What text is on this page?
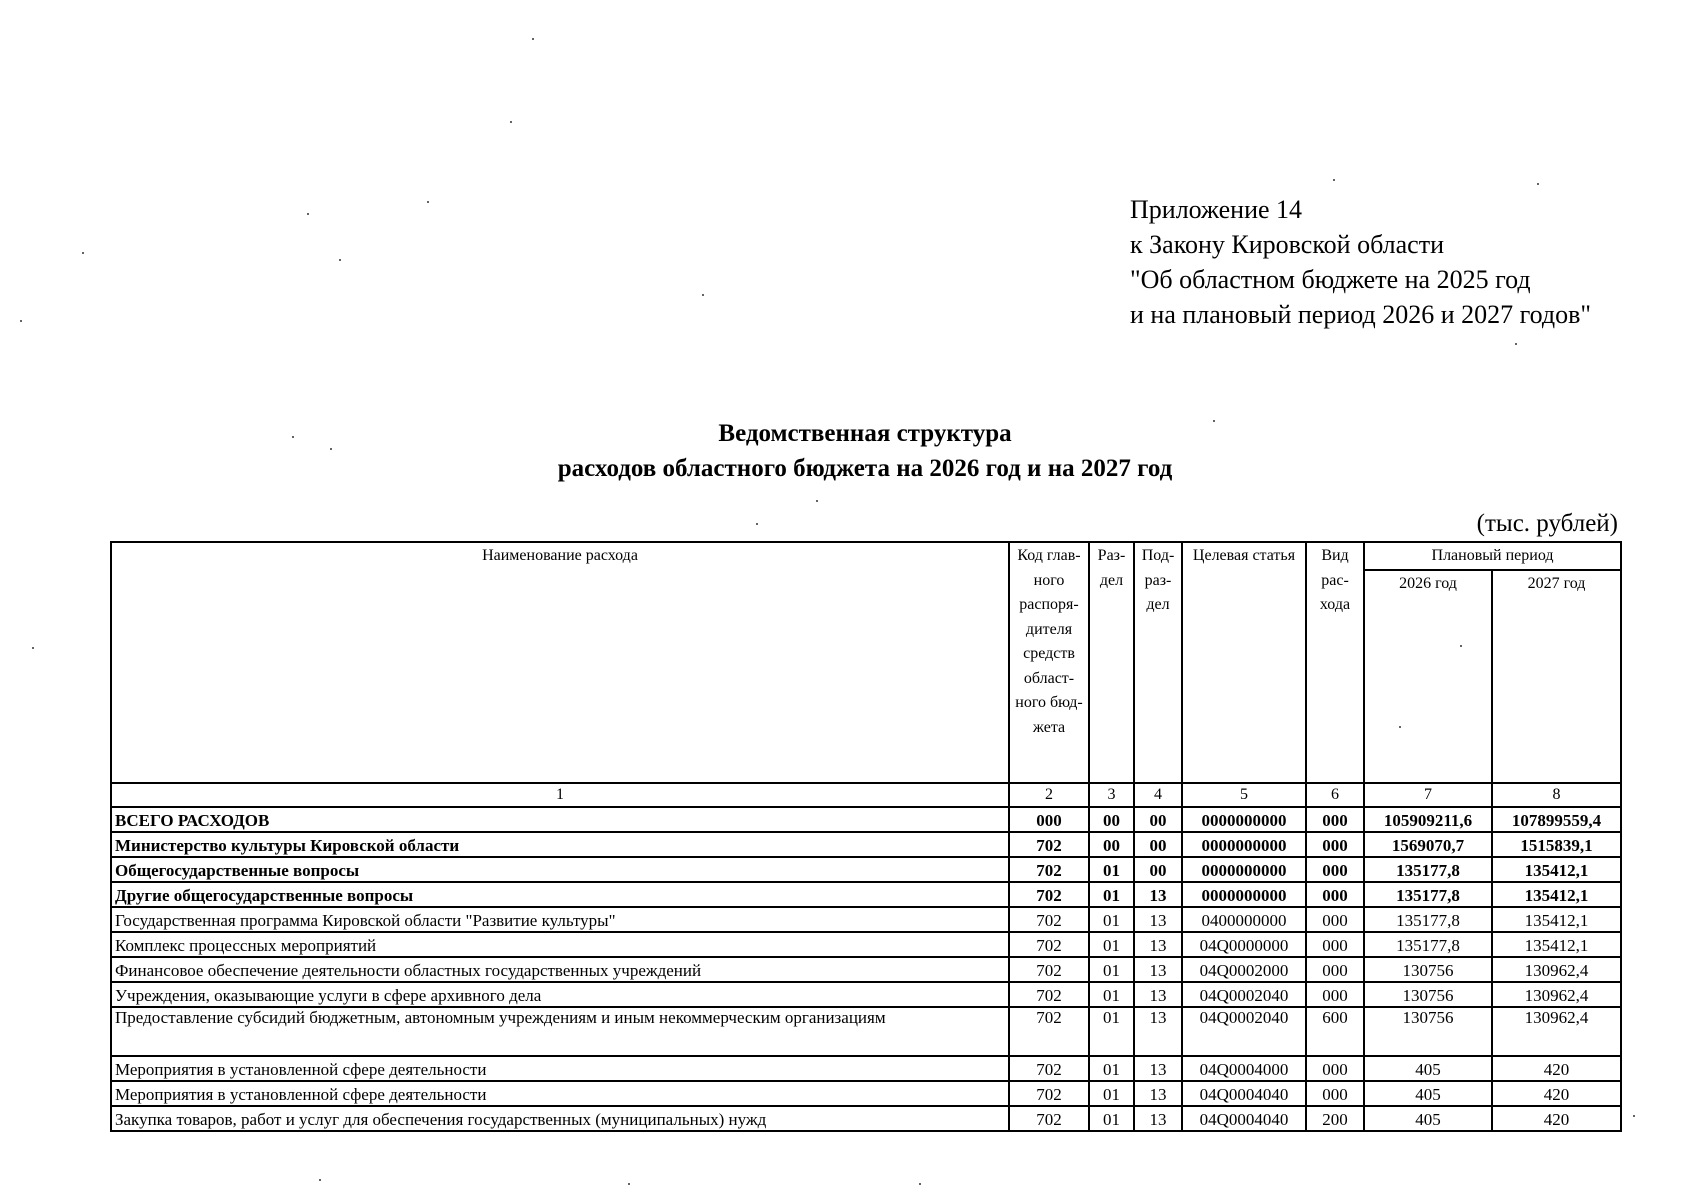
Приложение 14
к Закону Кировской области
"Об областном бюджете на 2025 год
и на плановый период 2026 и 2027 годов"
Ведомственная структура
расходов областного бюджета на 2026 год и на 2027 год
(тыс. рублей)
Наименование расхода	Код глав-ного распоря-дителя средств област-ного бюд-жета	Раз-дел	Под-раз-дел	Целевая статья	Вид рас-хода	Плановый период	
						2026 год	2027 год
1	2	3	4	5	6	7	8
ВСЕГО РАСХОДОВ	000	00	00	0000000000	000	105909211,6	107899559,4
Министерство культуры Кировской области	702	00	00	0000000000	000	1569070,7	1515839,1
Общегосударственные вопросы	702	01	00	0000000000	000	135177,8	135412,1
Другие общегосударственные вопросы	702	01	13	0000000000	000	135177,8	135412,1
Государственная программа Кировской области "Развитие культуры"	702	01	13	0400000000	000	135177,8	135412,1
Комплекс процессных мероприятий	702	01	13	04Q0000000	000	135177,8	135412,1
Финансовое обеспечение деятельности областных государственных учреждений	702	01	13	04Q0002000	000	130756	130962,4
Учреждения, оказывающие услуги в сфере архивного дела	702	01	13	04Q0002040	000	130756	130962,4
Предоставление субсидий бюджетным, автономным учреждениям и иным некоммерческим организациям	702	01	13	04Q0002040	600	130756	130962,4
Мероприятия в установленной сфере деятельности	702	01	13	04Q0004000	000	405	420
Мероприятия в установленной сфере деятельности	702	01	13	04Q0004040	000	405	420
Закупка товаров, работ и услуг для обеспечения государственных (муниципальных) нужд	702	01	13	04Q0004040	200	405	420
